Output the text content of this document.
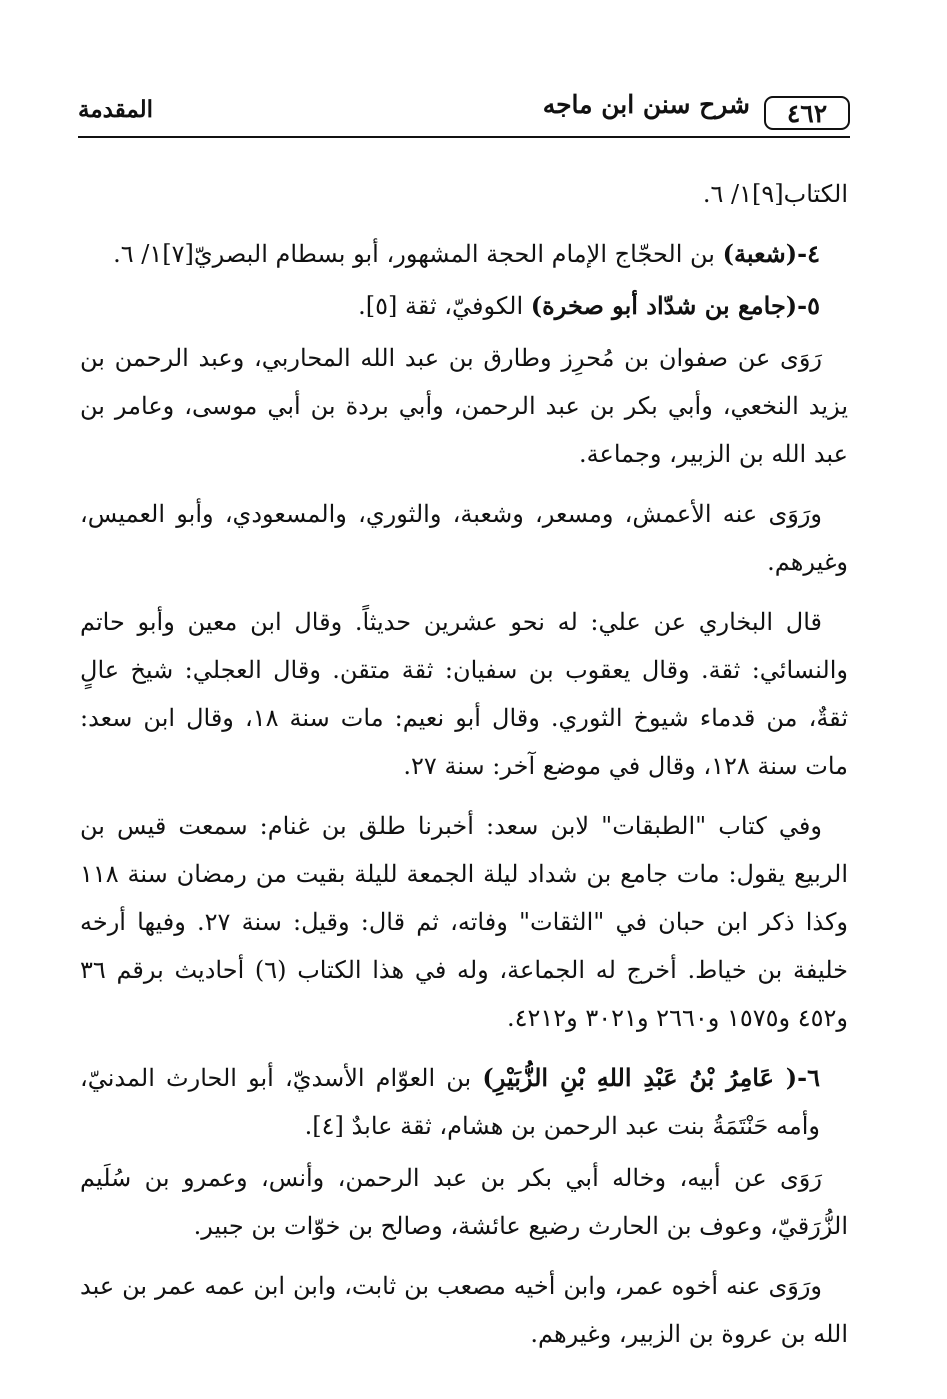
٤٦٢
شرح سنن ابن ماجه
المقدمة

الكتاب[٩]١/ ٦.

٤-(شعبة) بن الحجّاج الإمام الحجة المشهور، أبو بسطام البصريّ[٧]١/ ٦.

٥-(جامع بن شدّاد أبو صخرة) الكوفيّ، ثقة [٥].

رَوَى عن صفوان بن مُحرِز وطارق بن عبد الله المحاربي، وعبد الرحمن بن يزيد النخعي، وأبي بكر بن عبد الرحمن، وأبي بردة بن أبي موسى، وعامر بن عبد الله بن الزبير، وجماعة.

ورَوَى عنه الأعمش، ومسعر، وشعبة، والثوري، والمسعودي، وأبو العميس، وغيرهم.

قال البخاري عن علي: له نحو عشرين حديثاً. وقال ابن معين وأبو حاتم والنسائي: ثقة. وقال يعقوب بن سفيان: ثقة متقن. وقال العجلي: شيخ عالٍ ثقةٌ، من قدماء شيوخ الثوري. وقال أبو نعيم: مات سنة ١٨، وقال ابن سعد: مات سنة ١٢٨، وقال في موضع آخر: سنة ٢٧.

وفي كتاب "الطبقات" لابن سعد: أخبرنا طلق بن غنام: سمعت قيس بن الربيع يقول: مات جامع بن شداد ليلة الجمعة لليلة بقيت من رمضان سنة ١١٨ وكذا ذكر ابن حبان في "الثقات" وفاته، ثم قال: وقيل: سنة ٢٧. وفيها أرخه خليفة بن خياط. أخرج له الجماعة، وله في هذا الكتاب (٦) أحاديث برقم ٣٦ و٤٥٢ و١٥٧٥ و٢٦٦٠ و٣٠٢١ و٤٢١٢.

٦-( عَامِرُ بْنُ عَبْدِ اللهِ بْنِ الزُّبَيْرِ) بن العوّام الأسديّ، أبو الحارث المدنيّ، وأمه حَنْتَمَةُ بنت عبد الرحمن بن هشام، ثقة عابدٌ [٤].

رَوَى عن أبيه، وخاله أبي بكر بن عبد الرحمن، وأنس، وعمرو بن سُلَيم الزُّرَقيّ، وعوف بن الحارث رضيع عائشة، وصالح بن خوّات بن جبير.

ورَوَى عنه أخوه عمر، وابن أخيه مصعب بن ثابت، وابن ابن عمه عمر بن عبد الله بن عروة بن الزبير، وغيرهم.
